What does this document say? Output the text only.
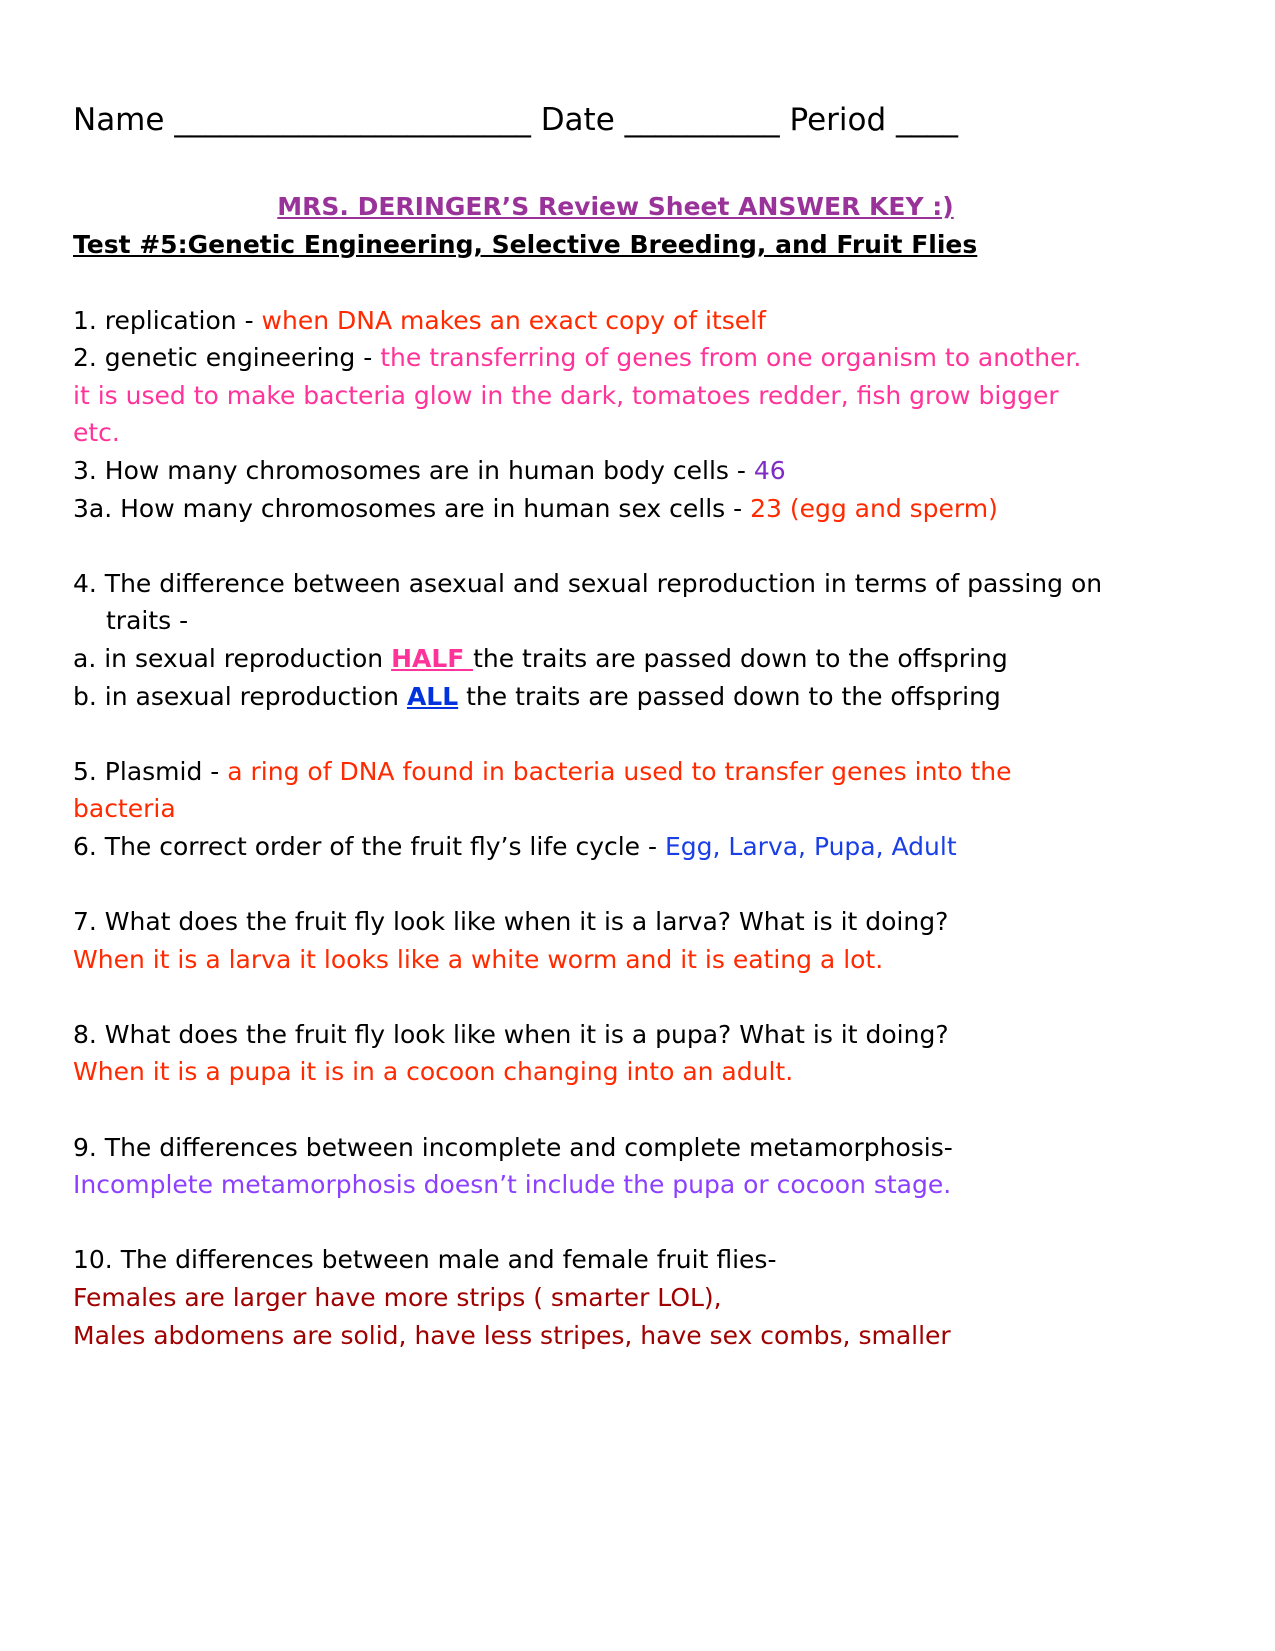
Name _______________________ Date __________ Period ____
MRS. DERINGER’S Review Sheet ANSWER KEY :)
Test #5:Genetic Engineering, Selective Breeding, and Fruit Flies
1. replication - when DNA makes an exact copy of itself
2. genetic engineering - the transferring of genes from one organism to another.
it is used to make bacteria glow in the dark, tomatoes redder, fish grow bigger
etc.
3. How many chromosomes are in human body cells - 46
3a. How many chromosomes are in human sex cells - 23 (egg and sperm)
4. The difference between asexual and sexual reproduction in terms of passing on
traits -
a. in sexual reproduction HALF the traits are passed down to the offspring
b. in asexual reproduction ALL the traits are passed down to the offspring
5. Plasmid - a ring of DNA found in bacteria used to transfer genes into the
bacteria
6. The correct order of the fruit fly’s life cycle - Egg, Larva, Pupa, Adult
7. What does the fruit fly look like when it is a larva? What is it doing?
When it is a larva it looks like a white worm and it is eating a lot.
8. What does the fruit fly look like when it is a pupa? What is it doing?
When it is a pupa it is in a cocoon changing into an adult.
9. The differences between incomplete and complete metamorphosis-
Incomplete metamorphosis doesn’t include the pupa or cocoon stage.
10. The differences between male and female fruit flies-
Females are larger have more strips ( smarter LOL),
Males abdomens are solid, have less stripes, have sex combs, smaller
